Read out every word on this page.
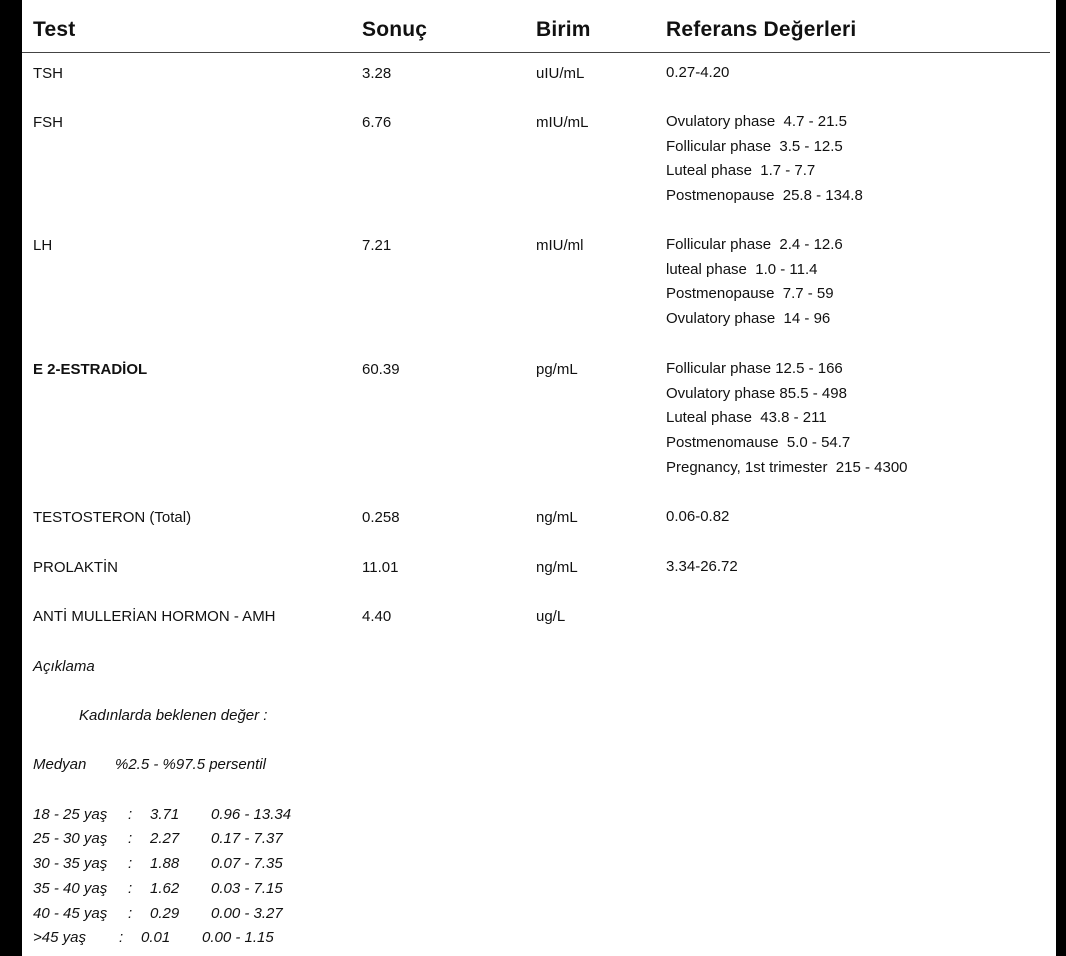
Test	Sonuç	Birim	Referans Değerleri
TSH	3.28	uIU/mL	0.27-4.20
FSH	6.76	mIU/mL	Ovulatory phase  4.7 - 21.5
Follicular phase  3.5 - 12.5
Luteal phase  1.7 - 7.7
Postmenopause  25.8 - 134.8
LH	7.21	mIU/ml	Follicular phase  2.4 - 12.6
luteal phase  1.0 - 11.4
Postmenopause  7.7 - 59
Ovulatory phase  14 - 96
E 2-ESTRADİOL	60.39	pg/mL	Follicular phase 12.5 - 166
Ovulatory phase 85.5 - 498
Luteal phase  43.8 - 211
Postmenomause  5.0 - 54.7
Pregnancy, 1st trimester  215 - 4300
TESTOSTERON (Total)	0.258	ng/mL	0.06-0.82
PROLAKTİN	11.01	ng/mL	3.34-26.72
ANTİ MULLERİAN HORMON - AMH	4.40	ug/L
Açıklama
Kadınlarda beklenen değer :
Medyan %2.5 - %97.5 persentil
18 - 25 yaş : 3.71 0.96 - 13.34
25 - 30 yaş : 2.27 0.17 - 7.37
30 - 35 yaş : 1.88 0.07 - 7.35
35 - 40 yaş : 1.62 0.03 - 7.15
40 - 45 yaş : 0.29 0.00 - 3.27
>45 yaş : 0.01 0.00 - 1.15
